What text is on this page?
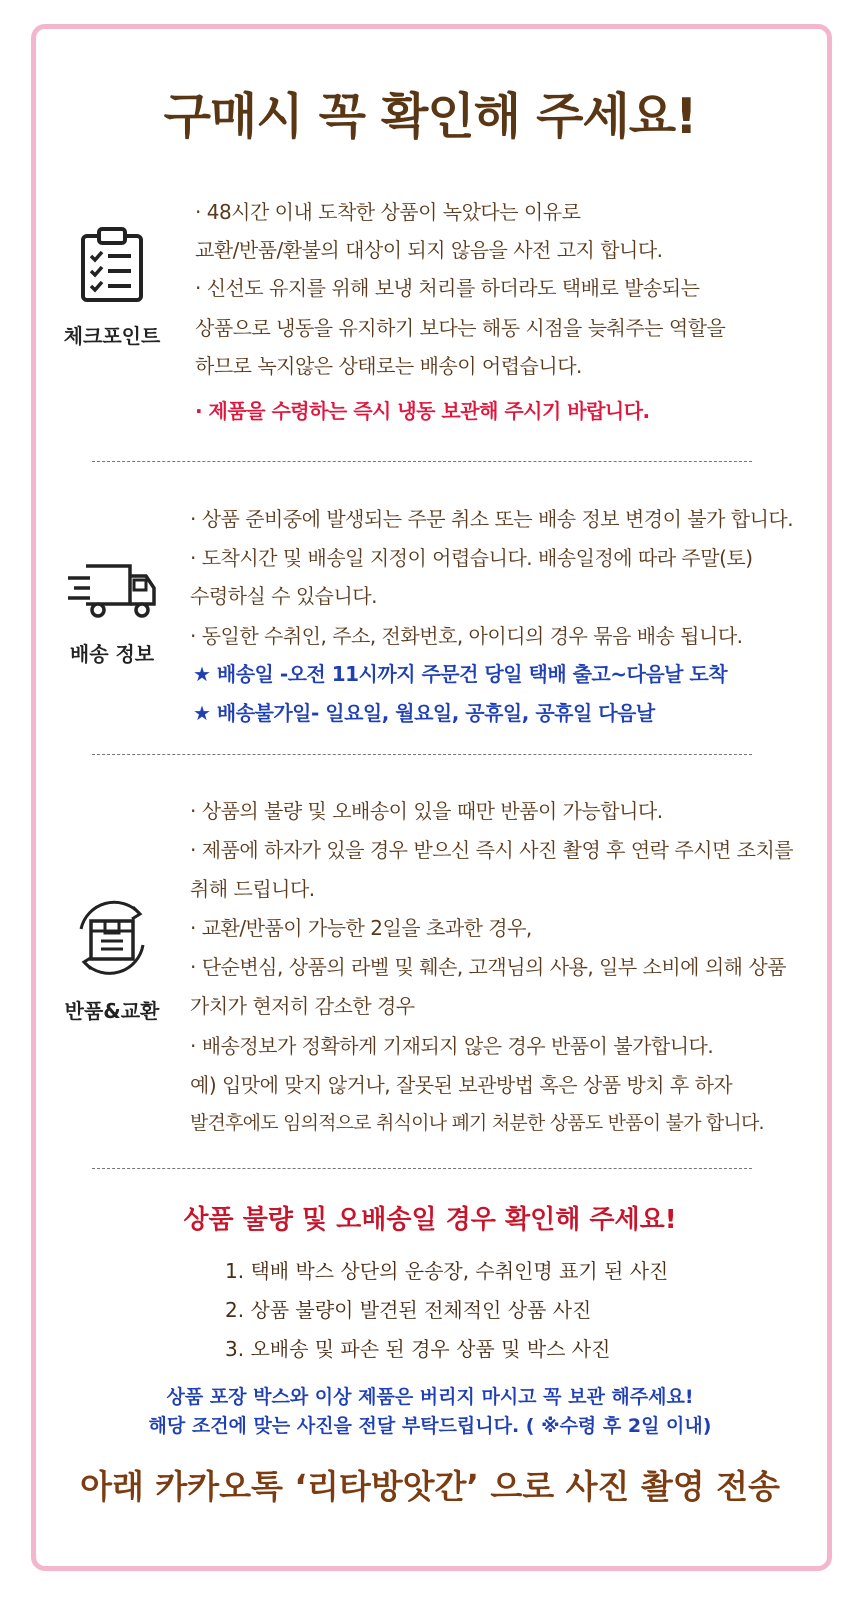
구매시 꼭 확인해 주세요!
체크포인트
· 48시간 이내 도착한 상품이 녹았다는 이유로
교환/반품/환불의 대상이 되지 않음을 사전 고지 합니다.
· 신선도 유지를 위해 보냉 처리를 하더라도 택배로 발송되는
상품으로 냉동을 유지하기 보다는 해동 시점을 늦춰주는 역할을
하므로 녹지않은 상태로는 배송이 어렵습니다.
· 제품을 수령하는 즉시 냉동 보관해 주시기 바랍니다.
배송 정보
· 상품 준비중에 발생되는 주문 취소 또는 배송 정보 변경이 불가 합니다.
· 도착시간 및 배송일 지정이 어렵습니다. 배송일정에 따라 주말(토)
수령하실 수 있습니다.
· 동일한 수취인, 주소, 전화번호, 아이디의 경우 묶음 배송 됩니다.
★ 배송일 -오전 11시까지 주문건 당일 택배 출고~다음날 도착
★ 배송불가일- 일요일, 월요일, 공휴일, 공휴일 다음날
반품&교환
· 상품의 불량 및 오배송이 있을 때만 반품이 가능합니다.
· 제품에 하자가 있을 경우 받으신 즉시 사진 촬영 후 연락 주시면 조치를
취해 드립니다.
· 교환/반품이 가능한 2일을 초과한 경우,
· 단순변심, 상품의 라벨 및 훼손, 고객님의 사용, 일부 소비에 의해 상품
가치가 현저히 감소한 경우
· 배송정보가 정확하게 기재되지 않은 경우 반품이 불가합니다.
예) 입맛에 맞지 않거나, 잘못된 보관방법 혹은 상품 방치 후 하자
발견후에도 임의적으로 취식이나 폐기 처분한 상품도 반품이 불가 합니다.
상품 불량 및 오배송일 경우 확인해 주세요!
1. 택배 박스 상단의 운송장, 수취인명 표기 된 사진
2. 상품 불량이 발견된 전체적인 상품 사진
3. 오배송 및 파손 된 경우 상품 및 박스 사진
상품 포장 박스와 이상 제품은 버리지 마시고 꼭 보관 해주세요!
해당 조건에 맞는 사진을 전달 부탁드립니다. ( ※수령 후 2일 이내)
아래 카카오톡 ‘리타방앗간’ 으로 사진 촬영 전송
